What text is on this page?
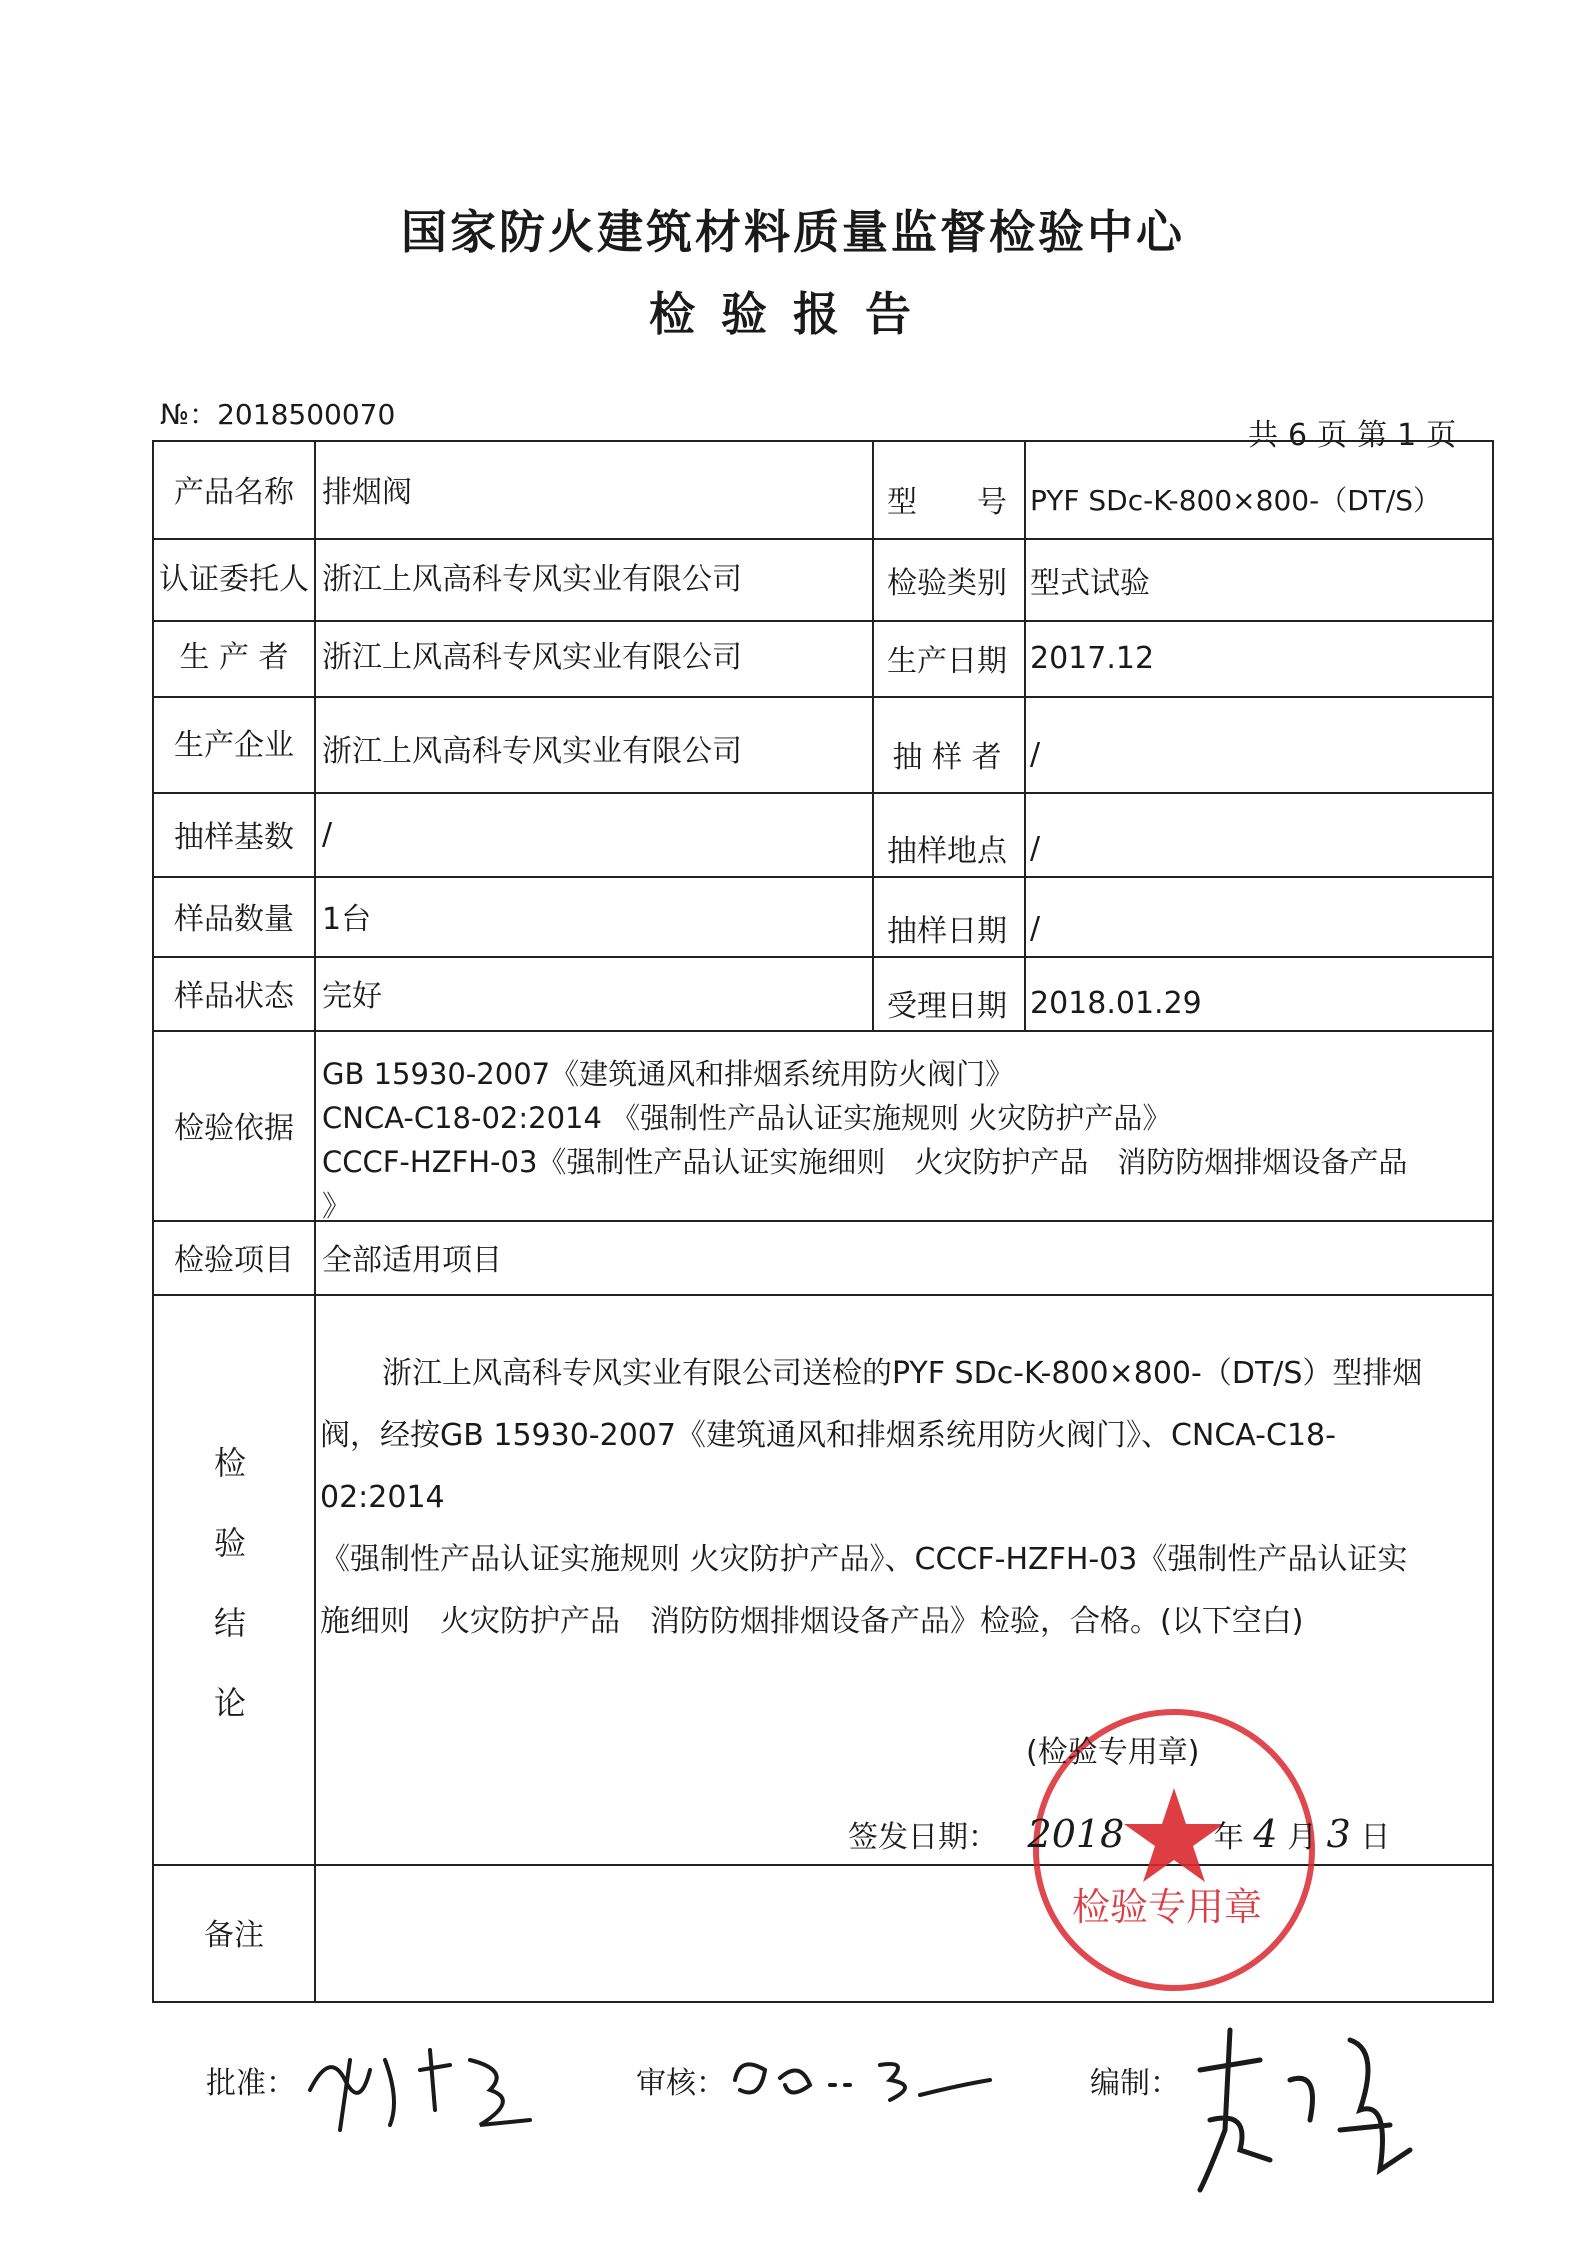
国家防火建筑材料质量监督检验中心
检验报告
№：2018500070
共 6 页 第 1 页
产品名称 排烟阀	型　　号 PYF SDc-K-800×800-（DT/S）
认证委托人 浙江上风高科专风实业有限公司	检验类别 型式试验
生 产 者	浙江上风高科专风实业有限公司	生产日期 2017.12
生产企业 浙江上风高科专风实业有限公司	抽 样 者 /
抽样基数 /	抽样地点 /
样品数量 1台	抽样日期 /
样品状态 完好	受理日期 2018.01.29
检验依据
GB 15930-2007《建筑通风和排烟系统用防火阀门》
CNCA-C18-02:2014 《强制性产品认证实施规则 火灾防护产品》
CCCF-HZFH-03《强制性产品认证实施细则　火灾防护产品　消防防烟排烟设备产品
》
检验项目 全部适用项目
检
验
结
论

浙江上风高科专风实业有限公司送检的PYF SDc-K-800×800-（DT/S）型排烟

阀，经按GB 15930-2007《建筑通风和排烟系统用防火阀门》、CNCA-C18-02:2014

《强制性产品认证实施规则 火灾防护产品》、CCCF-HZFH-03《强制性产品认证实

施细则　火灾防护产品　消防防烟排烟设备产品》检验，合格。(以下空白)

检验专用章
(检验专用章)
签发日期： 2018	年 4 月 3 日
备注
批准：	审核：	编制：
